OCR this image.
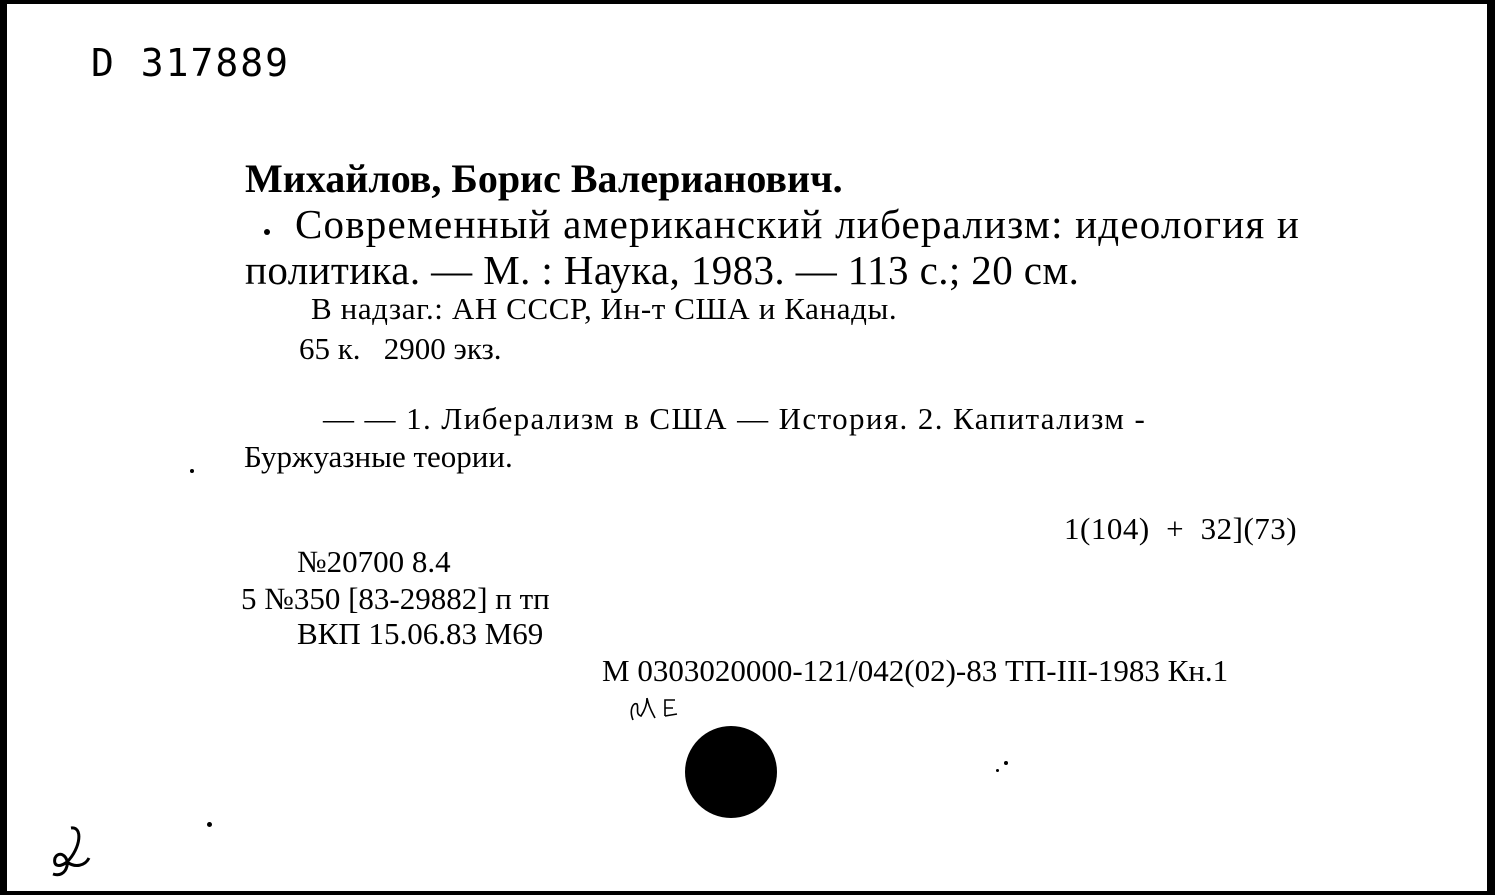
D 317889
Михайлов, Борис Валерианович.
Современный американский либерализм: идеология и
политика. — М. : Наука, 1983. — 113 с.; 20 см.
В надзаг.: АН СССР, Ин-т США и Канады.
65 к.   2900 экз.
— — 1. Либерализм в США — История. 2. Капитализм -
Буржуазные теории.
1(104)  +  32](73)
№20700 8.4
5 №350 [83-29882] п тп
ВКП 15.06.83 М69
М 0303020000-121/042(02)-83 ТП-III-1983 Кн.1
